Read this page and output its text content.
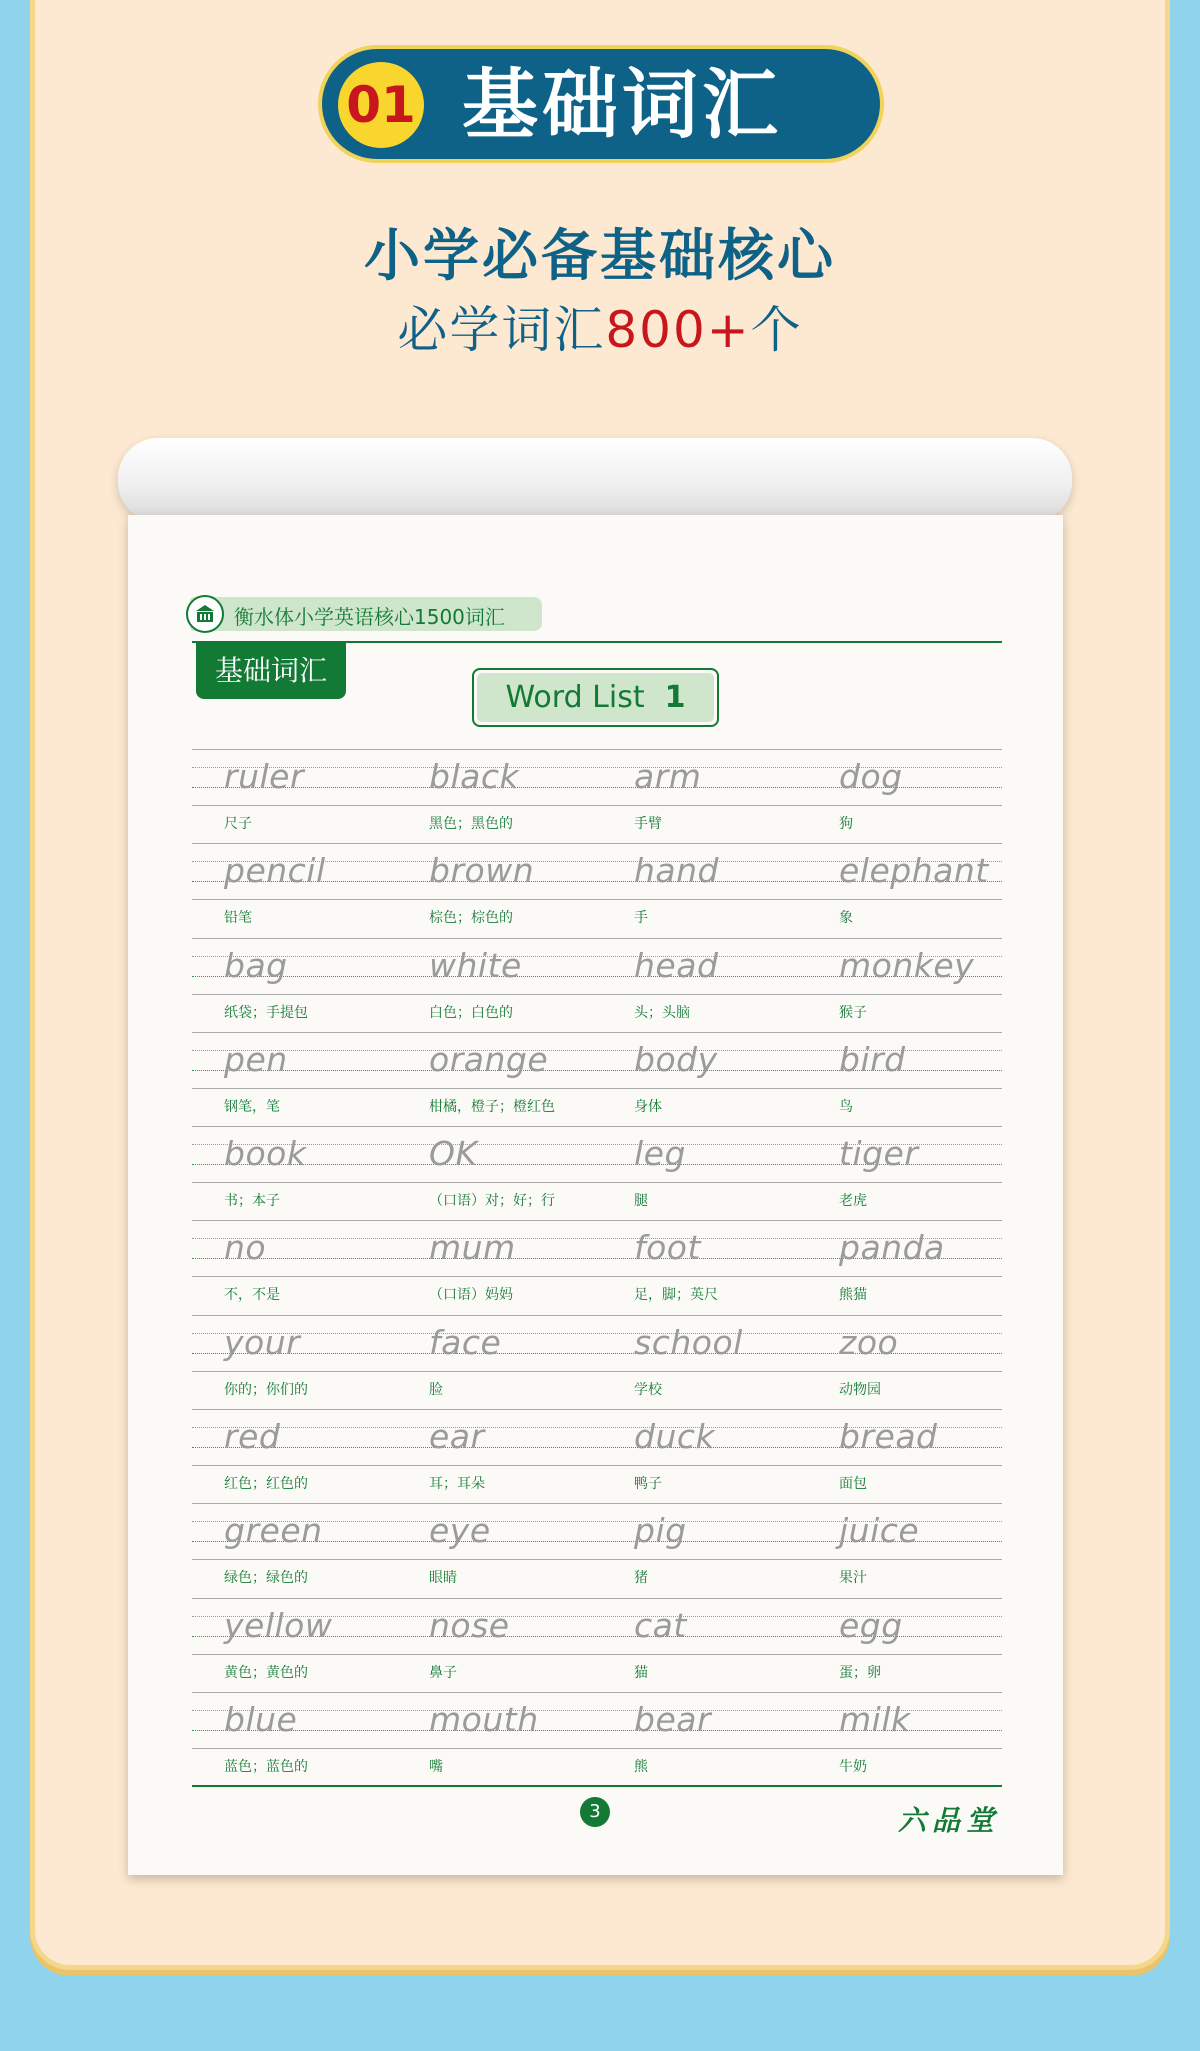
01 基础词汇
小学必备基础核心
必学词汇800+个
衡水体小学英语核心1500词汇
基础词汇
Word List 1
ruler
尺子
black
黑色；黑色的
arm
手臂
dog
狗
pencil
铅笔
brown
棕色；棕色的
hand
手
elephant
象
bag
纸袋；手提包
white
白色；白色的
head
头；头脑
monkey
猴子
pen
钢笔，笔
orange
柑橘，橙子；橙红色
body
身体
bird
鸟
book
书；本子
OK
（口语）对；好；行
leg
腿
tiger
老虎
no
不，不是
mum
（口语）妈妈
foot
足，脚；英尺
panda
熊猫
your
你的；你们的
face
脸
school
学校
zoo
动物园
red
红色；红色的
ear
耳；耳朵
duck
鸭子
bread
面包
green
绿色；绿色的
eye
眼睛
pig
猪
juice
果汁
yellow
黄色；黄色的
nose
鼻子
cat
猫
egg
蛋；卵
blue
蓝色；蓝色的
mouth
嘴
bear
熊
milk
牛奶
3	六品堂
